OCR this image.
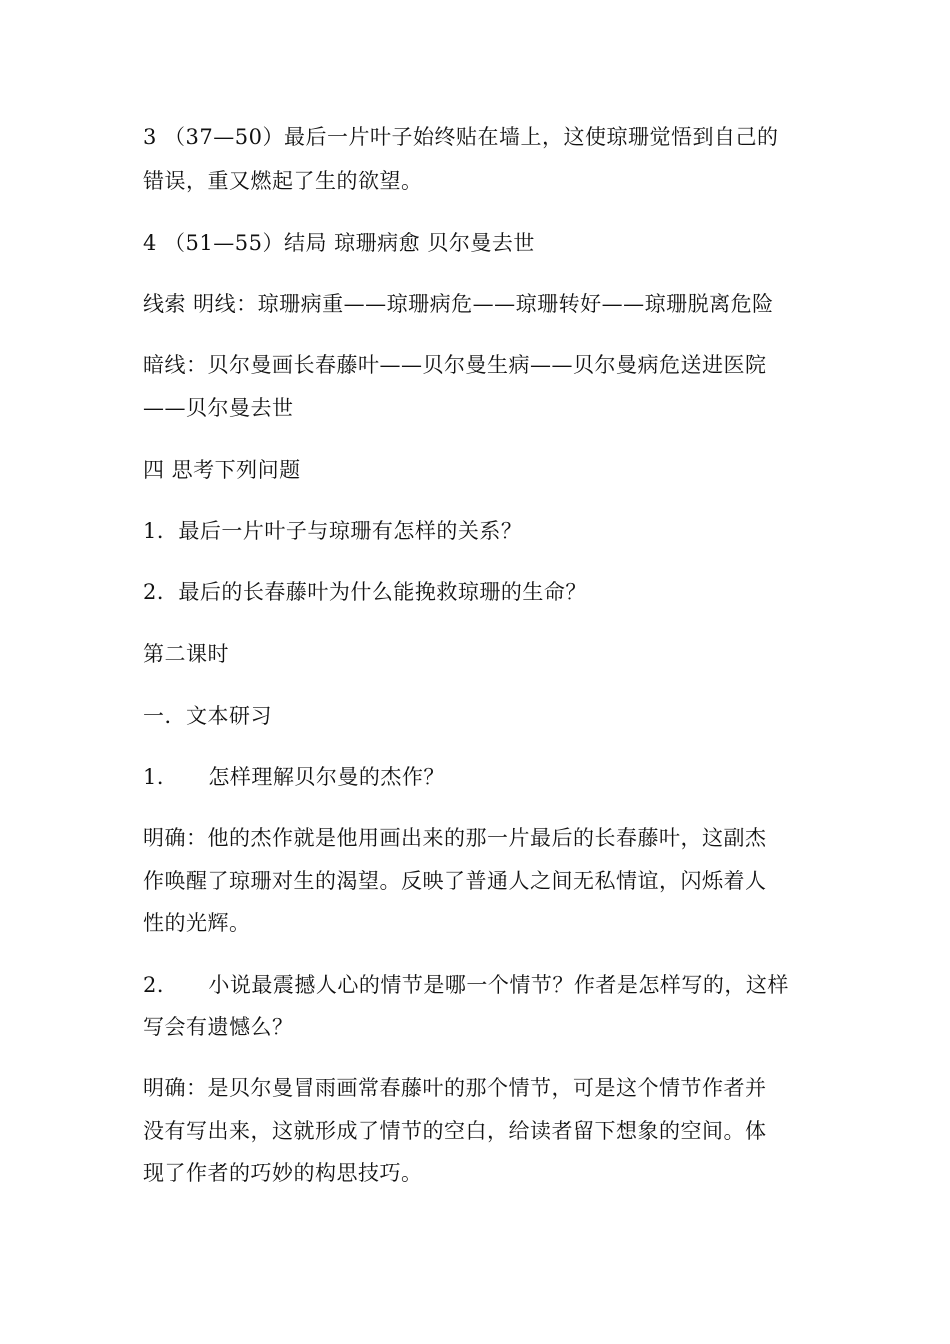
3 （37—50）最后一片叶子始终贴在墙上，这使琼珊觉悟到自己的
错误，重又燃起了生的欲望。
4 （51—55）结局 琼珊病愈 贝尔曼去世
线索 明线：琼珊病重——琼珊病危——琼珊转好——琼珊脱离危险
暗线：贝尔曼画长春藤叶——贝尔曼生病——贝尔曼病危送进医院
——贝尔曼去世
四 思考下列问题
1．最后一片叶子与琼珊有怎样的关系？
2．最后的长春藤叶为什么能挽救琼珊的生命？
第二课时
一．文本研习
1． 怎样理解贝尔曼的杰作？
明确：他的杰作就是他用画出来的那一片最后的长春藤叶，这副杰
作唤醒了琼珊对生的渴望。反映了普通人之间无私情谊，闪烁着人
性的光辉。
2． 小说最震撼人心的情节是哪一个情节？作者是怎样写的，这样
写会有遗憾么？
明确：是贝尔曼冒雨画常春藤叶的那个情节，可是这个情节作者并
没有写出来，这就形成了情节的空白，给读者留下想象的空间。体
现了作者的巧妙的构思技巧。
